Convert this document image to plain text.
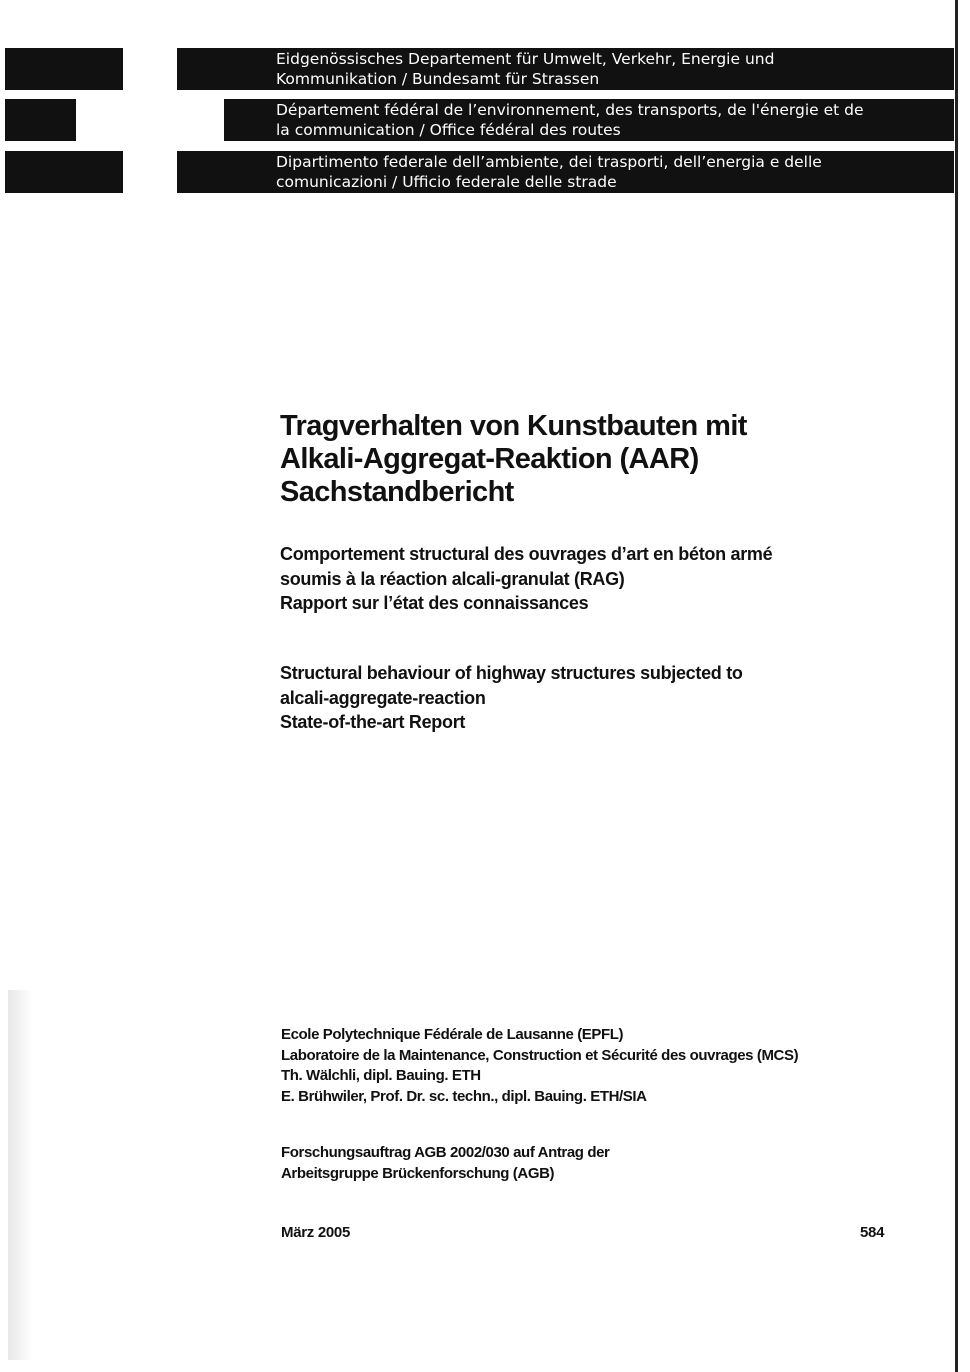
Eidgenössisches Departement für Umwelt, Verkehr, Energie und
Kommunikation / Bundesamt für Strassen
Département fédéral de l’environnement, des transports, de l'énergie et de
la communication / Office fédéral des routes
Dipartimento federale dell’ambiente, dei trasporti, dell’energia e delle
comunicazioni / Ufficio federale delle strade
Tragverhalten von Kunstbauten mit
Alkali-Aggregat-Reaktion (AAR)
Sachstandbericht
Comportement structural des ouvrages d’art en béton armé
soumis à la réaction alcali-granulat (RAG)
Rapport sur l’état des connaissances
Structural behaviour of highway structures subjected to
alcali-aggregate-reaction
State-of-the-art Report
Ecole Polytechnique Fédérale de Lausanne (EPFL)
Laboratoire de la Maintenance, Construction et Sécurité des ouvrages (MCS)
Th. Wälchli, dipl. Bauing. ETH
E. Brühwiler, Prof. Dr. sc. techn., dipl. Bauing. ETH/SIA
Forschungsauftrag AGB 2002/030 auf Antrag der
Arbeitsgruppe Brückenforschung (AGB)
März 2005	584
